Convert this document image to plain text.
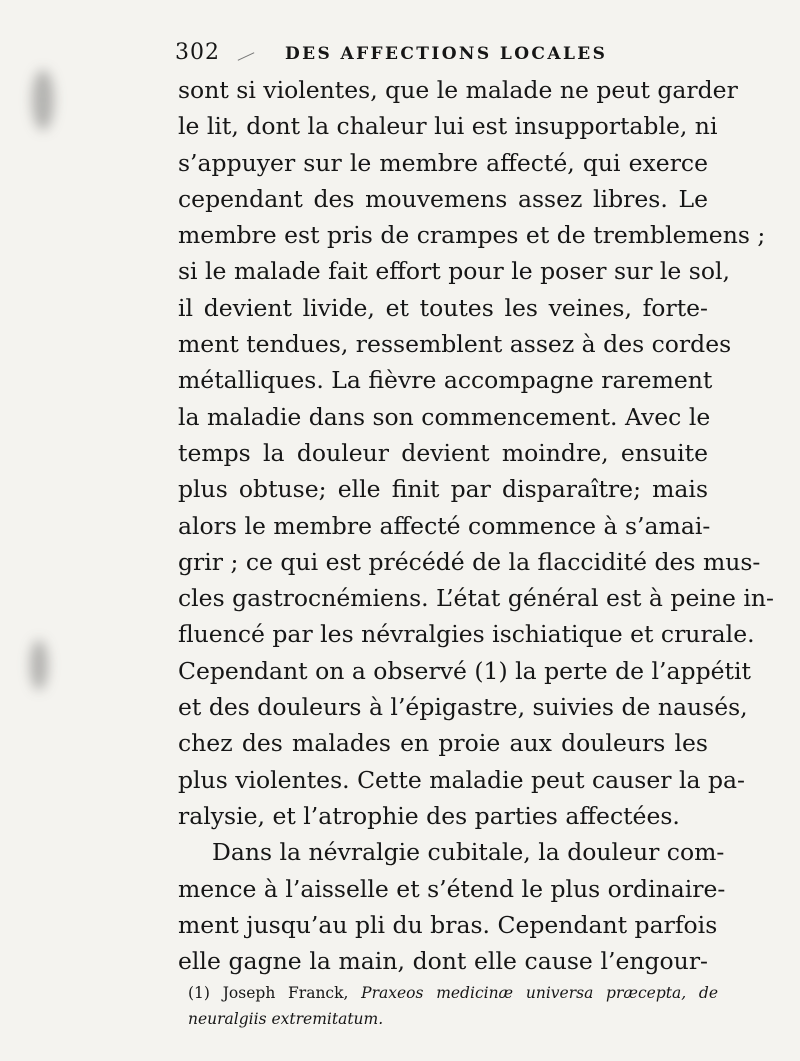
302	DES AFFECTIONS LOCALES
sont si violentes, que le malade ne peut garder
le lit, dont la chaleur lui est insupportable, ni
s’appuyer sur le membre affecté, qui exerce
cependant des mouvemens assez libres. Le
membre est pris de crampes et de tremblemens ;
si le malade fait effort pour le poser sur le sol,
il devient livide, et toutes les veines, forte-
ment tendues, ressemblent assez à des cordes
métalliques. La fièvre accompagne rarement
la maladie dans son commencement. Avec le
temps la douleur devient moindre, ensuite
plus obtuse; elle finit par disparaître; mais
alors le membre affecté commence à s’amai-
grir ; ce qui est précédé de la flaccidité des mus-
cles gastrocnémiens. L’état général est à peine in-
fluencé par les névralgies ischiatique et crurale.
Cependant on a observé (1) la perte de l’appétit
et des douleurs à l’épigastre, suivies de nausés,
chez des malades en proie aux douleurs les
plus violentes. Cette maladie peut causer la pa-
ralysie, et l’atrophie des parties affectées.
Dans la névralgie cubitale, la douleur com-
mence à l’aisselle et s’étend le plus ordinaire-
ment jusqu’au pli du bras. Cependant parfois
elle gagne la main, dont elle cause l’engour-
(1) Joseph Franck, Praxeos medicinæ universa præcepta, de
neuralgiis extremitatum.
